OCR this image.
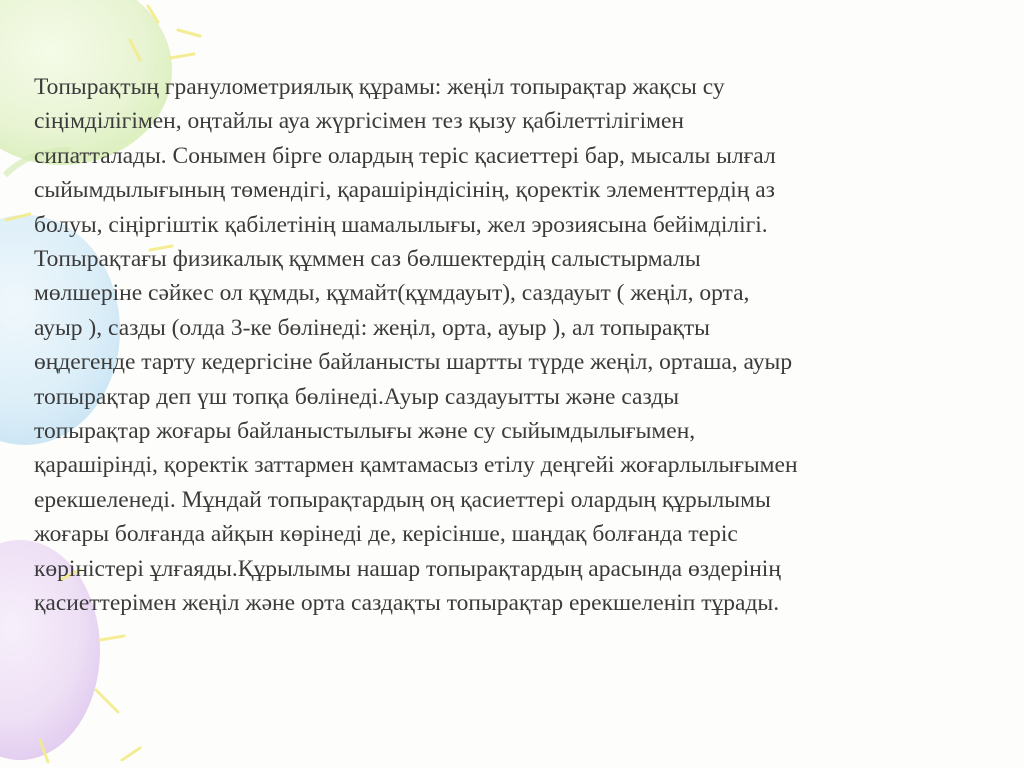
Топырақтың гранулометриялық құрамы: жеңіл топырақтар жақсы су
сіңімділігімен, оңтайлы ауа жүргісімен тез қызу қабілеттілігімен
сипатталады. Сонымен бірге олардың теріс қасиеттері бар, мысалы ылғал
сыйымдылығының төмендігі, қарашіріндісінің, қоректік элементтердің аз
болуы, сіңіргіштік қабілетінің шамалылығы, жел эрозиясына бейімділігі.
Топырақтағы физикалық құммен саз бөлшектердің салыстырмалы
мөлшеріне сәйкес ол құмды, құмайт(құмдауыт), саздауыт ( жеңіл, орта,
ауыр ), сазды (олда 3-ке бөлінеді: жеңіл, орта, ауыр ), ал топырақты
өңдегенде тарту кедергісіне байланысты шартты түрде жеңіл, орташа, ауыр
топырақтар деп үш топқа бөлінеді.Ауыр саздауытты және сазды
топырақтар жоғары байланыстылығы және су сыйымдылығымен,
қарашірінді, қоректік заттармен қамтамасыз етілу деңгейі жоғарлылығымен
ерекшеленеді. Мұндай топырақтардың оң қасиеттері олардың құрылымы
жоғары болғанда айқын көрінеді де, керісінше, шаңдақ болғанда теріс
көріністері ұлғаяды.Құрылымы нашар топырақтардың арасында өздерінің
қасиеттерімен жеңіл және орта саздақты топырақтар ерекшеленіп тұрады.
